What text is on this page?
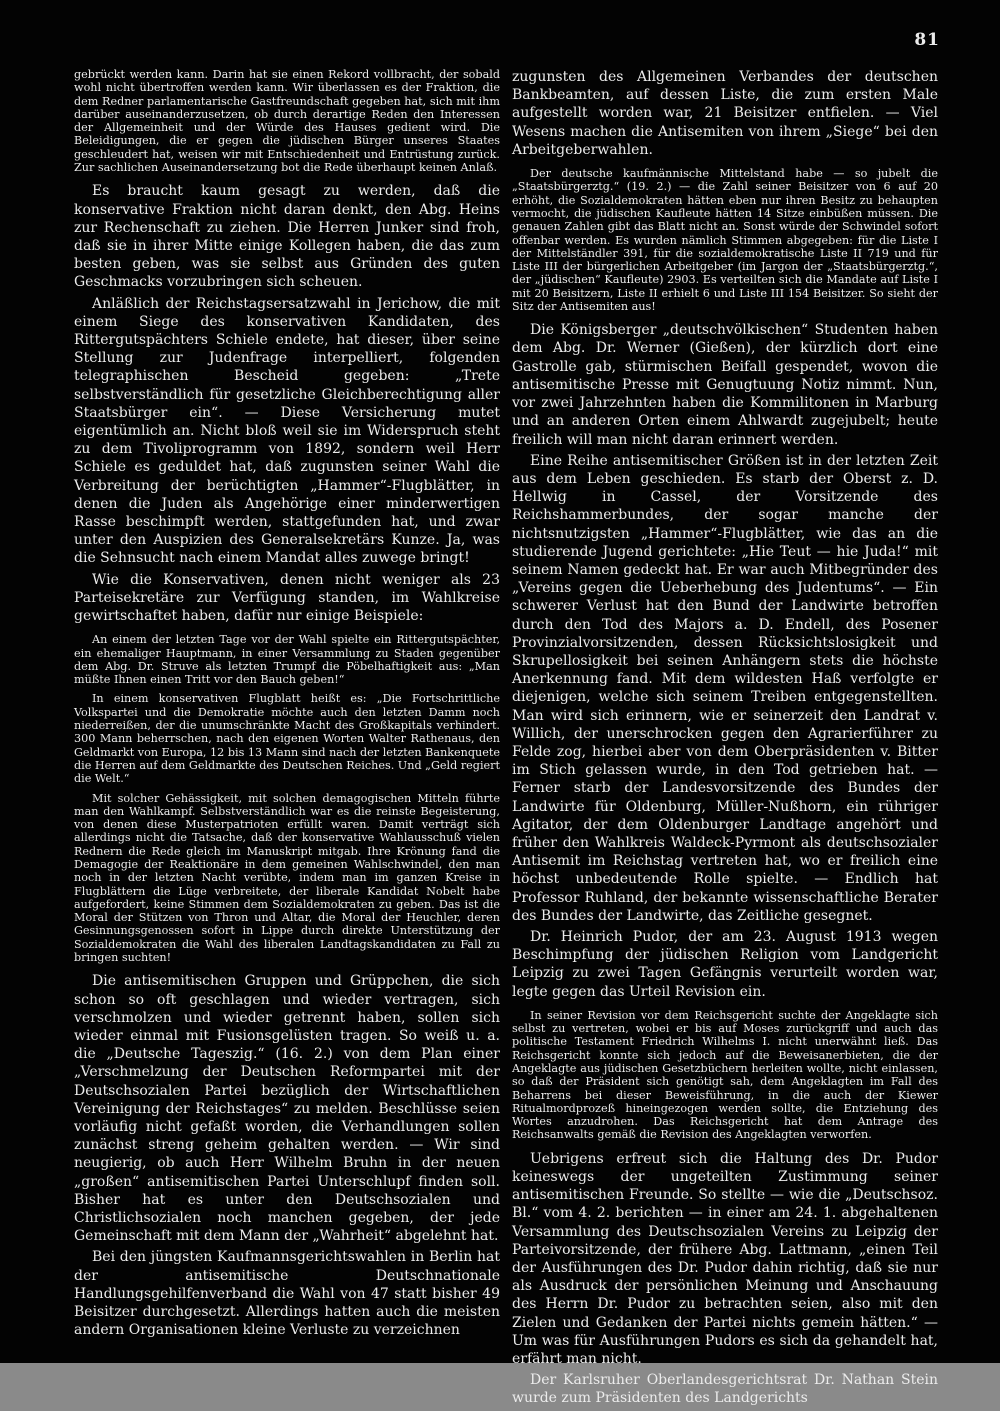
81

gebrückt werden kann. Darin hat sie einen Rekord vollbracht, der sobald wohl nicht übertroffen werden kann. Wir überlassen es der Fraktion, die dem Redner parlamentarische Gastfreundschaft gegeben hat, sich mit ihm darüber auseinanderzusetzen, ob durch derartige Reden den Interessen der Allgemeinheit und der Würde des Hauses gedient wird. Die Beleidigungen, die er gegen die jüdischen Bürger unseres Staates geschleudert hat, weisen wir mit Entschiedenheit und Entrüstung zurück. Zur sachlichen Auseinandersetzung bot die Rede überhaupt keinen Anlaß.

Es braucht kaum gesagt zu werden, daß die konservative Fraktion nicht daran denkt, den Abg. Heins zur Rechenschaft zu ziehen. Die Herren Junker sind froh, daß sie in ihrer Mitte einige Kollegen haben, die das zum besten geben, was sie selbst aus Gründen des guten Geschmacks vorzubringen sich scheuen.

Anläßlich der Reichstagsersatzwahl in Jerichow, die mit einem Siege des konservativen Kandidaten, des Rittergutspächters Schiele endete, hat dieser, über seine Stellung zur Judenfrage interpelliert, folgenden telegraphischen Bescheid gegeben: „Trete selbstverständlich für gesetzliche Gleichberechtigung aller Staatsbürger ein“. — Diese Versicherung mutet eigentümlich an. Nicht bloß weil sie im Widerspruch steht zu dem Tivoliprogramm von 1892, sondern weil Herr Schiele es geduldet hat, daß zugunsten seiner Wahl die Verbreitung der berüchtigten „Hammer“-Flugblätter, in denen die Juden als Angehörige einer minderwertigen Rasse beschimpft werden, stattgefunden hat, und zwar unter den Auspizien des Generalsekretärs Kunze. Ja, was die Sehnsucht nach einem Mandat alles zuwege bringt!

Wie die Konservativen, denen nicht weniger als 23 Parteisekretäre zur Verfügung standen, im Wahlkreise gewirtschaftet haben, dafür nur einige Beispiele:

An einem der letzten Tage vor der Wahl spielte ein Rittergutspächter, ein ehemaliger Hauptmann, in einer Versammlung zu Staden gegenüber dem Abg. Dr. Struve als letzten Trumpf die Pöbelhaftigkeit aus: „Man müßte Ihnen einen Tritt vor den Bauch geben!“

In einem konservativen Flugblatt heißt es: „Die Fortschrittliche Volkspartei und die Demokratie möchte auch den letzten Damm noch niederreißen, der die unumschränkte Macht des Großkapitals verhindert. 300 Mann beherrschen, nach den eigenen Worten Walter Rathenaus, den Geldmarkt von Europa, 12 bis 13 Mann sind nach der letzten Bankenquete die Herren auf dem Geldmarkte des Deutschen Reiches. Und „Geld regiert die Welt.“

Mit solcher Gehässigkeit, mit solchen demagogischen Mitteln führte man den Wahlkampf. Selbstverständlich war es die reinste Begeisterung, von denen diese Musterpatrioten erfüllt waren. Damit verträgt sich allerdings nicht die Tatsache, daß der konservative Wahlausschuß vielen Rednern die Rede gleich im Manuskript mitgab. Ihre Krönung fand die Demagogie der Reaktionäre in dem gemeinen Wahlschwindel, den man noch in der letzten Nacht verübte, indem man im ganzen Kreise in Flugblättern die Lüge verbreitete, der liberale Kandidat Nobelt habe aufgefordert, keine Stimmen dem Sozialdemokraten zu geben. Das ist die Moral der Stützen von Thron und Altar, die Moral der Heuchler, deren Gesinnungsgenossen sofort in Lippe durch direkte Unterstützung der Sozialdemokraten die Wahl des liberalen Landtagskandidaten zu Fall zu bringen suchten!

Die antisemitischen Gruppen und Grüppchen, die sich schon so oft geschlagen und wieder vertragen, sich verschmolzen und wieder getrennt haben, sollen sich wieder einmal mit Fusionsgelüsten tragen. So weiß u. a. die „Deutsche Tageszig.“ (16. 2.) von dem Plan einer „Verschmelzung der Deutschen Reformpartei mit der Deutschsozialen Partei bezüglich der Wirtschaftlichen Vereinigung der Reichstages“ zu melden. Beschlüsse seien vorläufig nicht gefaßt worden, die Verhandlungen sollen zunächst streng geheim gehalten werden. — Wir sind neugierig, ob auch Herr Wilhelm Bruhn in der neuen „großen“ antisemitischen Partei Unterschlupf finden soll. Bisher hat es unter den Deutschsozialen und Christlichsozialen noch manchen gegeben, der jede Gemeinschaft mit dem Mann der „Wahrheit“ abgelehnt hat.

Bei den jüngsten Kaufmannsgerichtswahlen in Berlin hat der antisemitische Deutschnationale Handlungsgehilfenverband die Wahl von 47 statt bisher 49 Beisitzer durchgesetzt. Allerdings hatten auch die meisten andern Organisationen kleine Verluste zu verzeichnen

zugunsten des Allgemeinen Verbandes der deutschen Bankbeamten, auf dessen Liste, die zum ersten Male aufgestellt worden war, 21 Beisitzer entfielen. — Viel Wesens machen die Antisemiten von ihrem „Siege“ bei den Arbeitgeberwahlen.

Der deutsche kaufmännische Mittelstand habe — so jubelt die „Staatsbürgerztg.“ (19. 2.) — die Zahl seiner Beisitzer von 6 auf 20 erhöht, die Sozialdemokraten hätten eben nur ihren Besitz zu behaupten vermocht, die jüdischen Kaufleute hätten 14 Sitze einbüßen müssen. Die genauen Zahlen gibt das Blatt nicht an. Sonst würde der Schwindel sofort offenbar werden. Es wurden nämlich Stimmen abgegeben: für die Liste I der Mittelständler 391, für die sozialdemokratische Liste II 719 und für Liste III der bürgerlichen Arbeitgeber (im Jargon der „Staatsbürgerztg.“, der „jüdischen“ Kaufleute) 2903. Es verteilten sich die Mandate auf Liste I mit 20 Beisitzern, Liste II erhielt 6 und Liste III 154 Beisitzer. So sieht der Sitz der Antisemiten aus!

Die Königsberger „deutschvölkischen“ Studenten haben dem Abg. Dr. Werner (Gießen), der kürzlich dort eine Gastrolle gab, stürmischen Beifall gespendet, wovon die antisemitische Presse mit Genugtuung Notiz nimmt. Nun, vor zwei Jahrzehnten haben die Kommilitonen in Marburg und an anderen Orten einem Ahlwardt zugejubelt; heute freilich will man nicht daran erinnert werden.

Eine Reihe antisemitischer Größen ist in der letzten Zeit aus dem Leben geschieden. Es starb der Oberst z. D. Hellwig in Cassel, der Vorsitzende des Reichshammerbundes, der sogar manche der nichtsnutzigsten „Hammer“-Flugblätter, wie das an die studierende Jugend gerichtete: „Hie Teut — hie Juda!“ mit seinem Namen gedeckt hat. Er war auch Mitbegründer des „Vereins gegen die Ueberhebung des Judentums“. — Ein schwerer Verlust hat den Bund der Landwirte betroffen durch den Tod des Majors a. D. Endell, des Posener Provinzialvorsitzenden, dessen Rücksichtslosigkeit und Skrupellosigkeit bei seinen Anhängern stets die höchste Anerkennung fand. Mit dem wildesten Haß verfolgte er diejenigen, welche sich seinem Treiben entgegenstellten. Man wird sich erinnern, wie er seinerzeit den Landrat v. Willich, der unerschrocken gegen den Agrarierführer zu Felde zog, hierbei aber von dem Oberpräsidenten v. Bitter im Stich gelassen wurde, in den Tod getrieben hat. — Ferner starb der Landesvorsitzende des Bundes der Landwirte für Oldenburg, Müller-Nußhorn, ein rühriger Agitator, der dem Oldenburger Landtage angehört und früher den Wahlkreis Waldeck-Pyrmont als deutschsozialer Antisemit im Reichstag vertreten hat, wo er freilich eine höchst unbedeutende Rolle spielte. — Endlich hat Professor Ruhland, der bekannte wissenschaftliche Berater des Bundes der Landwirte, das Zeitliche gesegnet.

Dr. Heinrich Pudor, der am 23. August 1913 wegen Beschimpfung der jüdischen Religion vom Landgericht Leipzig zu zwei Tagen Gefängnis verurteilt worden war, legte gegen das Urteil Revision ein.

In seiner Revision vor dem Reichsgericht suchte der Angeklagte sich selbst zu vertreten, wobei er bis auf Moses zurückgriff und auch das politische Testament Friedrich Wilhelms I. nicht unerwähnt ließ. Das Reichsgericht konnte sich jedoch auf die Beweisanerbieten, die der Angeklagte aus jüdischen Gesetzbüchern herleiten wollte, nicht einlassen, so daß der Präsident sich genötigt sah, dem Angeklagten im Fall des Beharrens bei dieser Beweisführung, in die auch der Kiewer Ritualmordprozeß hineingezogen werden sollte, die Entziehung des Wortes anzudrohen. Das Reichsgericht hat dem Antrage des Reichsanwalts gemäß die Revision des Angeklagten verworfen.

Uebrigens erfreut sich die Haltung des Dr. Pudor keineswegs der ungeteilten Zustimmung seiner antisemitischen Freunde. So stellte — wie die „Deutschsoz. Bl.“ vom 4. 2. berichten — in einer am 24. 1. abgehaltenen Versammlung des Deutschsozialen Vereins zu Leipzig der Parteivorsitzende, der frühere Abg. Lattmann, „einen Teil der Ausführungen des Dr. Pudor dahin richtig, daß sie nur als Ausdruck der persönlichen Meinung und Anschauung des Herrn Dr. Pudor zu betrachten seien, also mit den Zielen und Gedanken der Partei nichts gemein hätten.“ — Um was für Ausführungen Pudors es sich da gehandelt hat, erfährt man nicht.

Der Karlsruher Oberlandesgerichtsrat Dr. Nathan Stein wurde zum Präsidenten des Landgerichts
